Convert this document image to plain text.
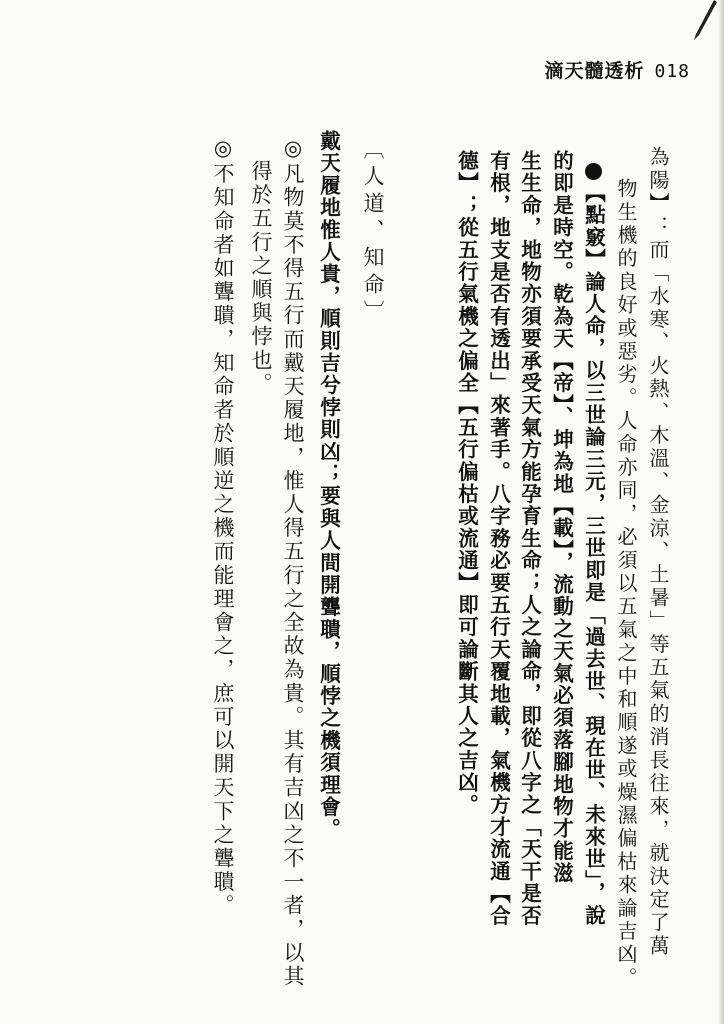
滴天髓透析 018
為陽】：而「水寒、火熱、木溫、金涼、土暑」等五氣的消長往來，就決定了萬
物生機的良好或惡劣。人命亦同，必須以五氣之中和順遂或燥濕偏枯來論吉凶。
【點竅】論人命，以三世論三元，三世即是「過去世、現在世、未來世」，說
的即是時空。乾為天【帝】、坤為地【載】，流動之天氣必須落腳地物才能滋
生生命，地物亦須要承受天氣方能孕育生命；人之論命，即從八字之「天干是否
有根，地支是否有透出」來著手。八字務必要五行天覆地載，氣機方才流通【合
德】；從五行氣機之偏全【五行偏枯或流通】即可論斷其人之吉凶。
〔人道、知命〕
戴天履地惟人貴，順則吉兮悖則凶；要與人間開聾聵，順悖之機須理會。
◎凡物莫不得五行而戴天履地，惟人得五行之全故為貴。其有吉凶之不一者，以其
得於五行之順與悖也。
◎不知命者如聾聵，知命者於順逆之機而能理會之，庶可以開天下之聾聵。
